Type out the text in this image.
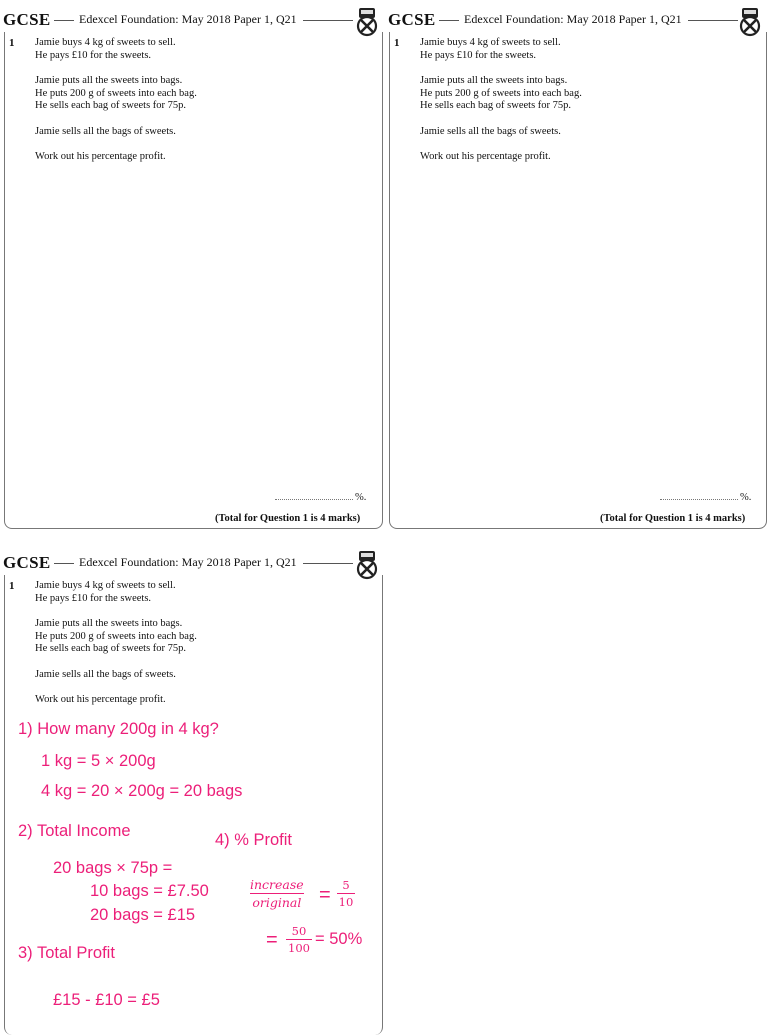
GCSE Edexcel Foundation: May 2018 Paper 1, Q21
1 Jamie buys 4 kg of sweets to sell.
He pays £10 for the sweets.

Jamie puts all the sweets into bags.
He puts 200 g of sweets into each bag.
He sells each bag of sweets for 75p.

Jamie sells all the bags of sweets.

Work out his percentage profit.

%.
(Total for Question 1 is 4 marks)
GCSE Edexcel Foundation: May 2018 Paper 1, Q21
1 Jamie buys 4 kg of sweets to sell.
He pays £10 for the sweets.

Jamie puts all the sweets into bags.
He puts 200 g of sweets into each bag.
He sells each bag of sweets for 75p.

Jamie sells all the bags of sweets.

Work out his percentage profit.

%.
(Total for Question 1 is 4 marks)
GCSE Edexcel Foundation: May 2018 Paper 1, Q21
1 Jamie buys 4 kg of sweets to sell.
He pays £10 for the sweets.

Jamie puts all the sweets into bags.
He puts 200 g of sweets into each bag.
He sells each bag of sweets for 75p.

Jamie sells all the bags of sweets.

Work out his percentage profit.

1) How many 200g in 4 kg?
1 kg = 5 × 200g
4 kg = 20 × 200g = 20 bags
2) Total Income
20 bags × 75p =
10 bags = £7.50
20 bags = £15
3) Total Profit
£15 - £10 = £5
4) % Profit
increase
original =	5
10
=	50
100 = 50%
